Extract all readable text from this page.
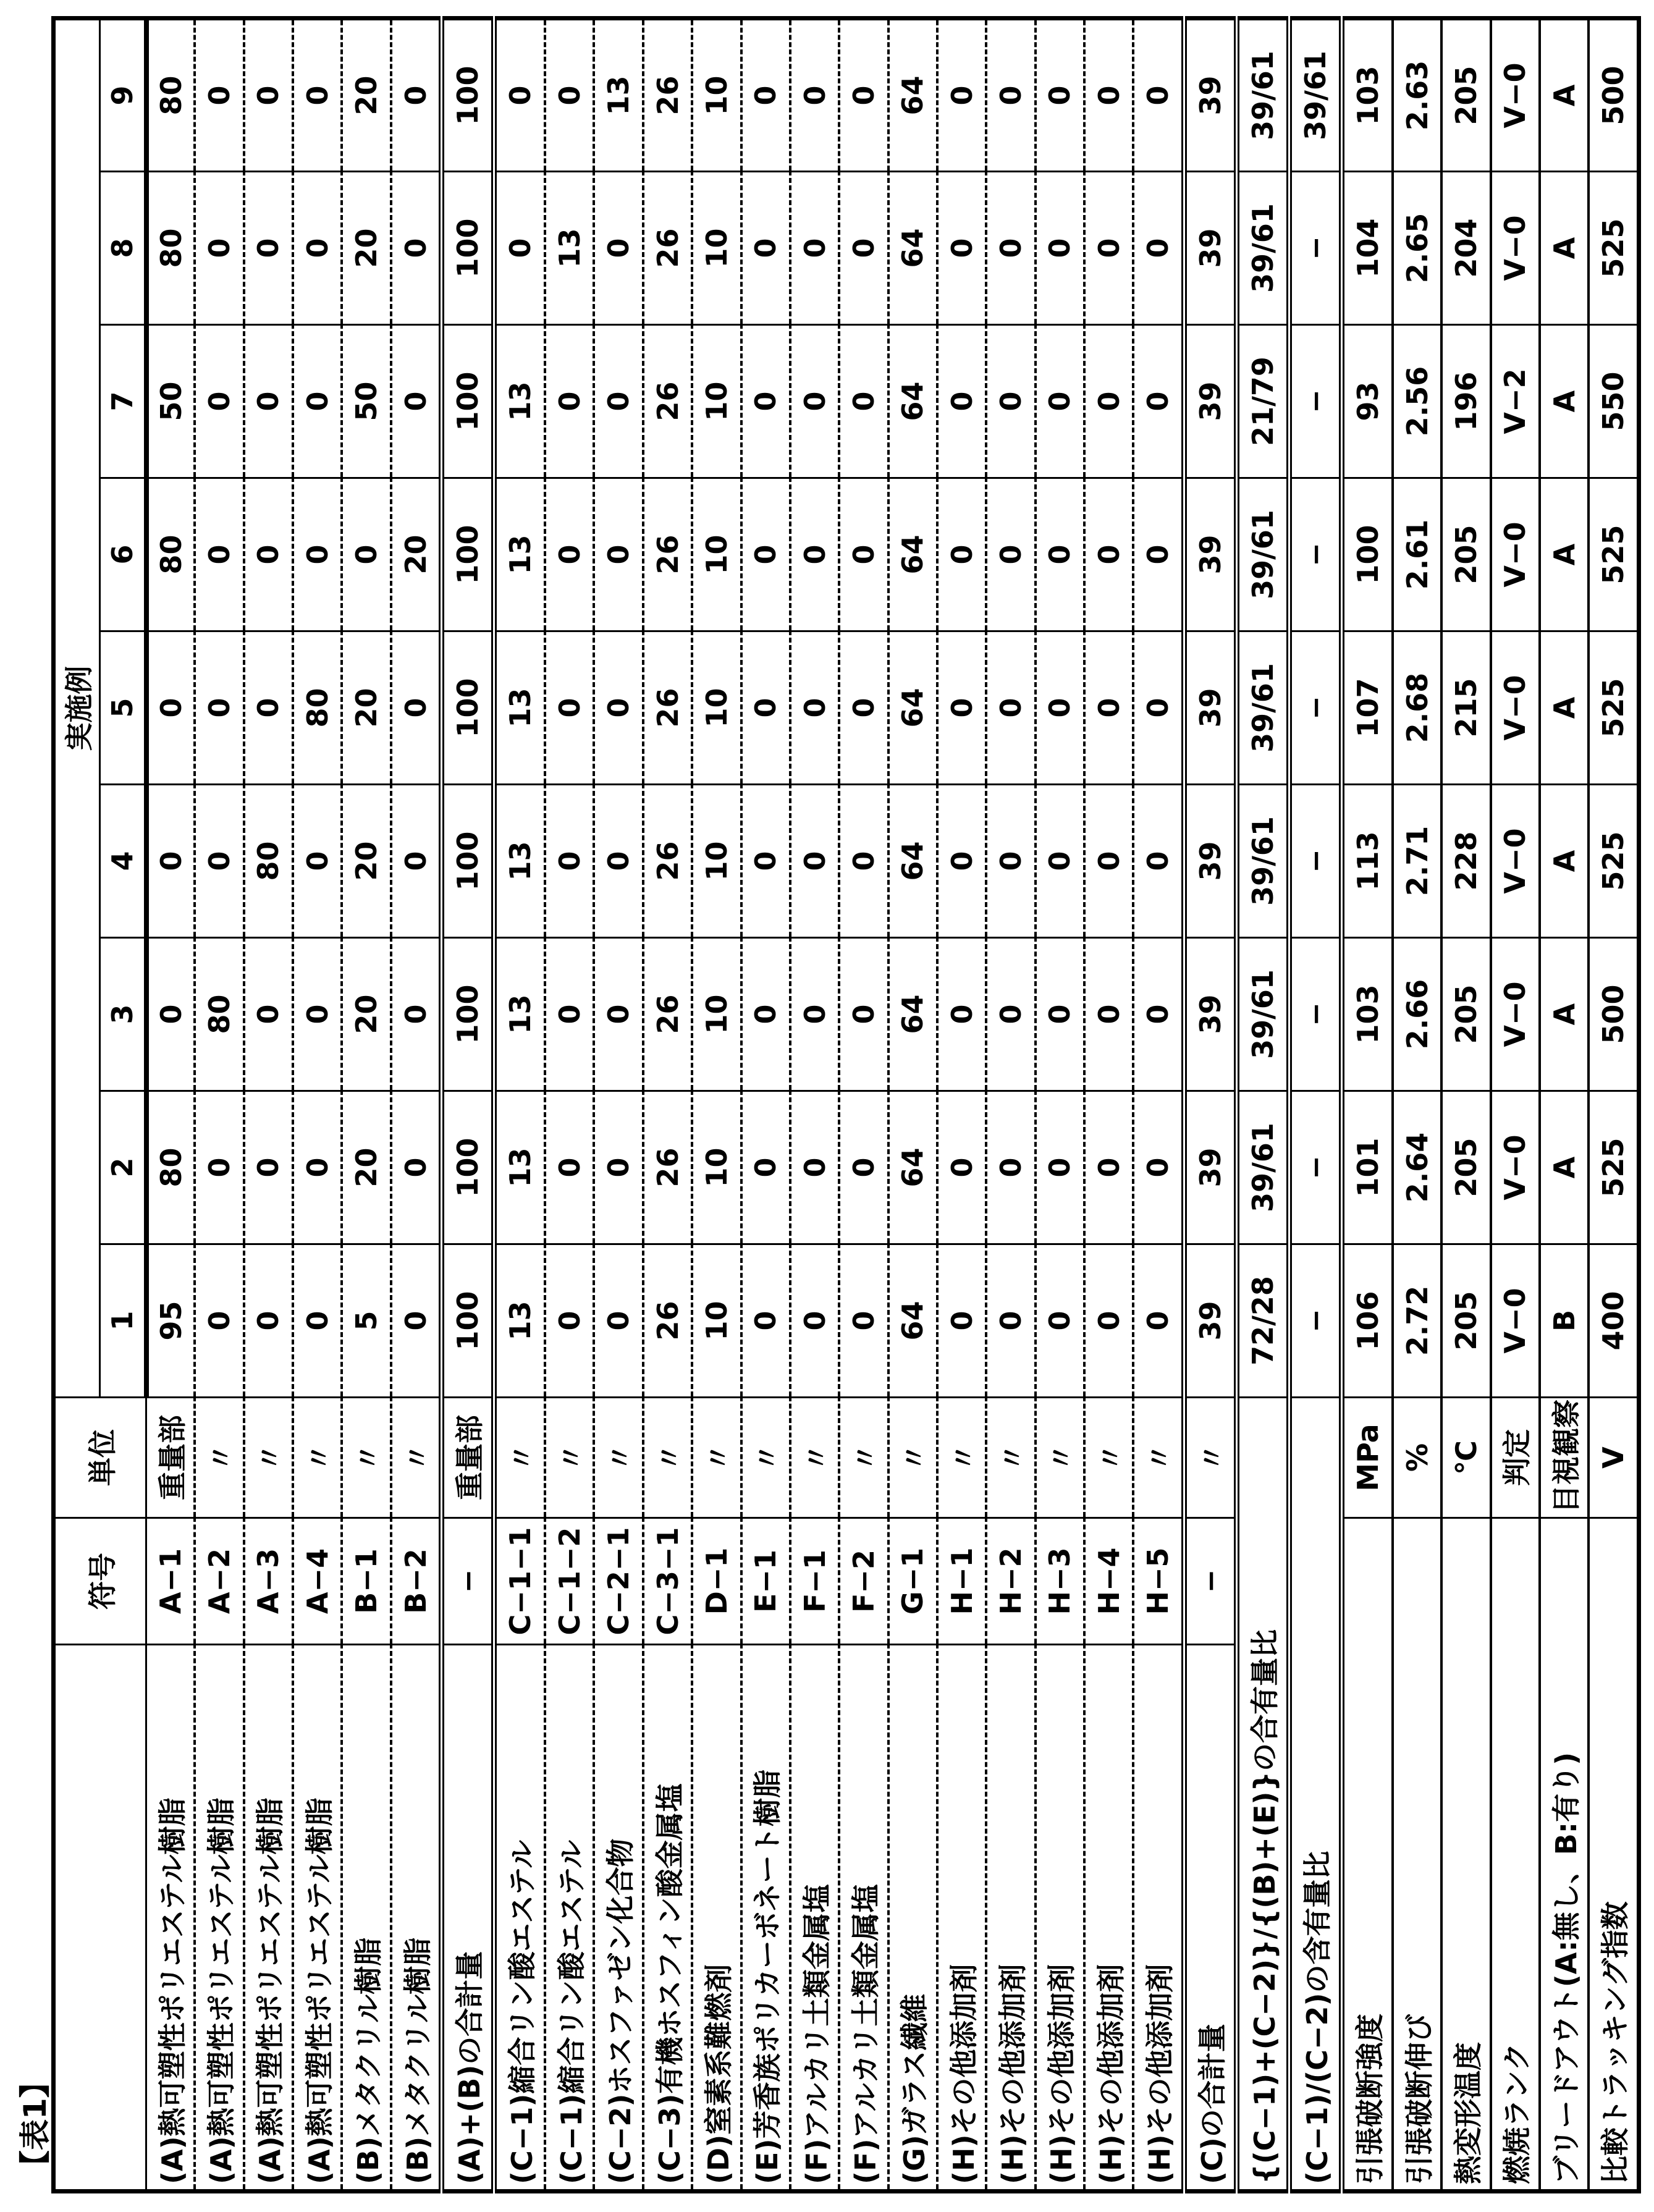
【表1】
	符号	単位	実施例
1	2	3	4	5	6	7	8	9
(A)熱可塑性ポリエステル樹脂	A−1	重量部	95	80	0	0	0	80	50	80	80
(A)熱可塑性ポリエステル樹脂	A−2	〃	0	0	80	0	0	0	0	0	0
(A)熱可塑性ポリエステル樹脂	A−3	〃	0	0	0	80	0	0	0	0	0
(A)熱可塑性ポリエステル樹脂	A−4	〃	0	0	0	0	80	0	0	0	0
(B)メタクリル樹脂	B−1	〃	5	20	20	20	20	0	50	20	20
(B)メタクリル樹脂	B−2	〃	0	0	0	0	0	20	0	0	0
(A)+(B)の合計量	−	重量部	100	100	100	100	100	100	100	100	100
(C−1)縮合リン酸エステル	C−1−1	〃	13	13	13	13	13	13	13	0	0
(C−1)縮合リン酸エステル	C−1−2	〃	0	0	0	0	0	0	0	13	0
(C−2)ホスファゼン化合物	C−2−1	〃	0	0	0	0	0	0	0	0	13
(C−3)有機ホスフィン酸金属塩	C−3−1	〃	26	26	26	26	26	26	26	26	26
(D)窒素系難燃剤	D−1	〃	10	10	10	10	10	10	10	10	10
(E)芳香族ポリカーボネート樹脂	E−1	〃	0	0	0	0	0	0	0	0	0
(F)アルカリ土類金属塩	F−1	〃	0	0	0	0	0	0	0	0	0
(F)アルカリ土類金属塩	F−2	〃	0	0	0	0	0	0	0	0	0
(G)ガラス繊維	G−1	〃	64	64	64	64	64	64	64	64	64
(H)その他添加剤	H−1	〃	0	0	0	0	0	0	0	0	0
(H)その他添加剤	H−2	〃	0	0	0	0	0	0	0	0	0
(H)その他添加剤	H−3	〃	0	0	0	0	0	0	0	0	0
(H)その他添加剤	H−4	〃	0	0	0	0	0	0	0	0	0
(H)その他添加剤	H−5	〃	0	0	0	0	0	0	0	0	0
(C)の合計量	−	〃	39	39	39	39	39	39	39	39	39
{(C−1)+(C−2)}/{(B)+(E)}の合有量比	72/28	39/61	39/61	39/61	39/61	39/61	21/79	39/61	39/61
(C−1)/(C−2)の含有量比	−	−	−	−	−	−	−	−	39/61
引張破断強度	MPa	106	101	103	113	107	100	93	104	103
引張破断伸び	%	2.72	2.64	2.66	2.71	2.68	2.61	2.56	2.65	2.63
熱変形温度	℃	205	205	205	228	215	205	196	204	205
燃焼ランク	判定	V−0	V−0	V−0	V−0	V−0	V−0	V−2	V−0	V−0
ブリードアウト(A:無し、B:有り)	目視観察	B	A	A	A	A	A	A	A	A
比較トラッキング指数	V	400	525	500	525	525	525	550	525	500
